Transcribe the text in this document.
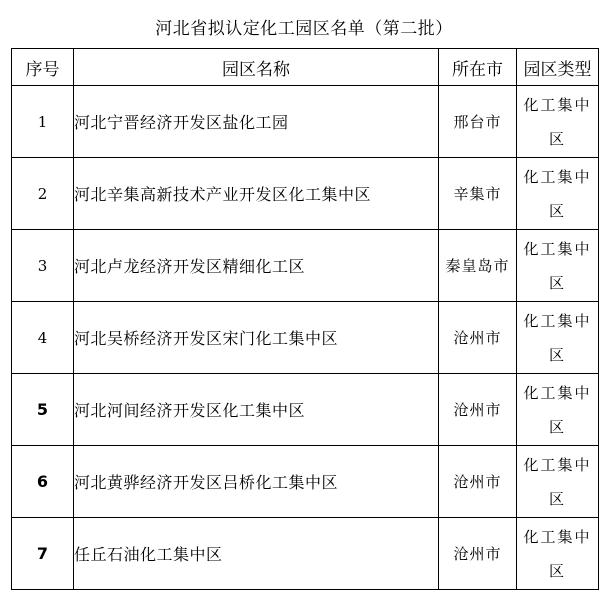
河北省拟认定化工园区名单（第二批）
序号	园区名称	所在市	园区类型
1	河北宁晋经济开发区盐化工园	邢台市	化工集中区
2	河北辛集高新技术产业开发区化工集中区	辛集市	化工集中区
3	河北卢龙经济开发区精细化工区	秦皇岛市	化工集中区
4	河北吴桥经济开发区宋门化工集中区	沧州市	化工集中区
5	河北河间经济开发区化工集中区	沧州市	化工集中区
6	河北黄骅经济开发区吕桥化工集中区	沧州市	化工集中区
7	任丘石油化工集中区	沧州市	化工集中区
